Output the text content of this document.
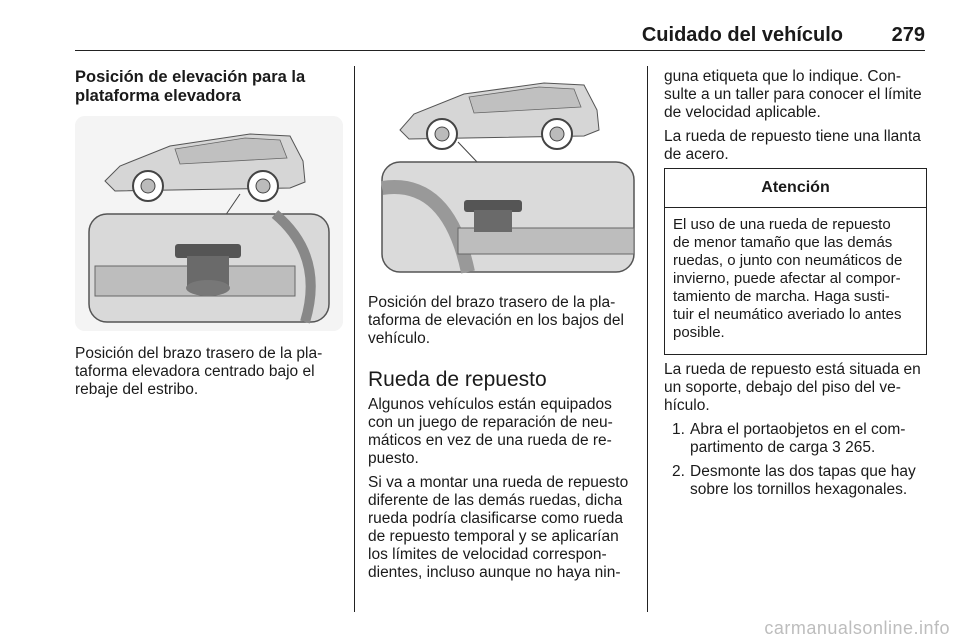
Cuidado del vehículo 279
Posición de elevación para la plataforma elevadora

Posición del brazo trasero de la pla-
taforma elevadora centrado bajo el
rebaje del estribo.

Posición del brazo trasero de la pla-
taforma de elevación en los bajos del
vehículo.

Rueda de repuesto

Algunos vehículos están equipados
con un juego de reparación de neu-
máticos en vez de una rueda de re-
puesto.

Si va a montar una rueda de repuesto
diferente de las demás ruedas, dicha
rueda podría clasificarse como rueda
de repuesto temporal y se aplicarían
los límites de velocidad correspon-
dientes, incluso aunque no haya nin-

guna etiqueta que lo indique. Con-
sulte a un taller para conocer el límite
de velocidad aplicable.

La rueda de repuesto tiene una llanta
de acero.

Atención
El uso de una rueda de repuesto
de menor tamaño que las demás
ruedas, o junto con neumáticos de
invierno, puede afectar al compor-
tamiento de marcha. Haga susti-
tuir el neumático averiado lo antes
posible.

La rueda de repuesto está situada en
un soporte, debajo del piso del ve-
hículo.

1. Abra el portaobjetos en el com-
partimento de carga 3 265.
2. Desmonte las dos tapas que hay
sobre los tornillos hexagonales.
carmanualsonline.info
